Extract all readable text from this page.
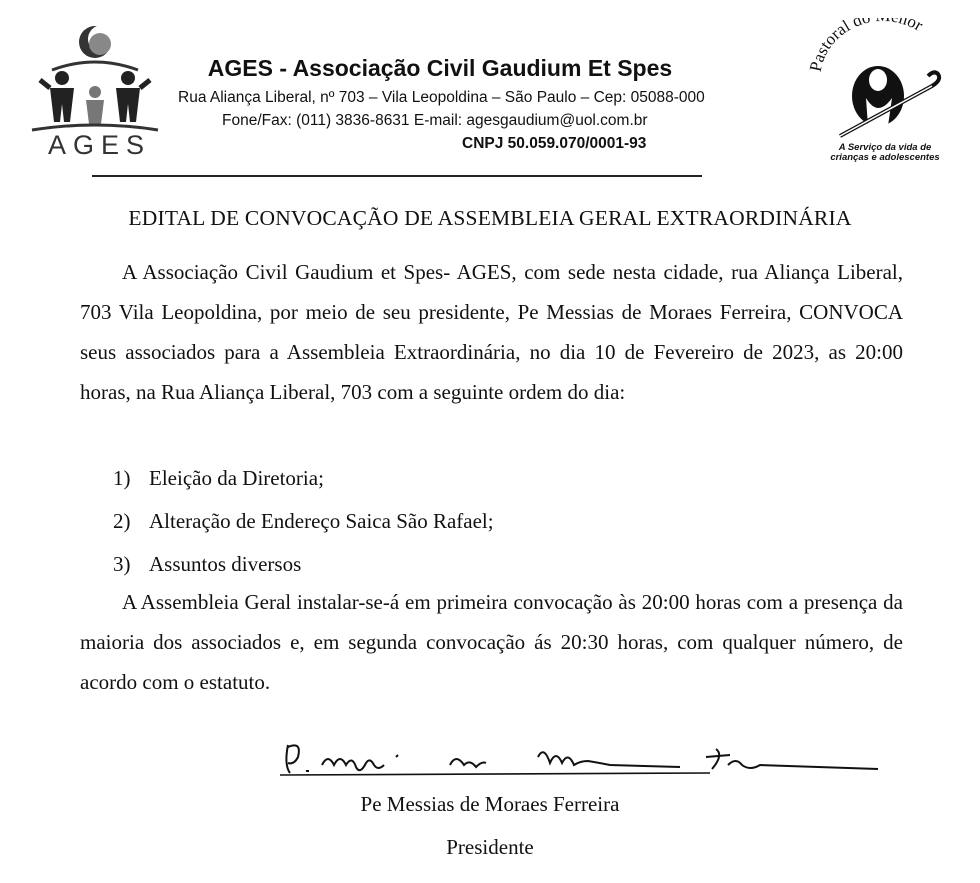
AGES
AGES - Associação Civil Gaudium Et Spes
Rua Aliança Liberal, nº 703 – Vila Leopoldina – São Paulo – Cep: 05088-000
Fone/Fax: (011) 3836-8631 E-mail: agesgaudium@uol.com.br
CNPJ 50.059.070/0001-93
astoral d nor
A Serviço da vida de
crianças e adolescentes
EDITAL DE CONVOCAÇÃO DE ASSEMBLEIA GERAL EXTRAORDINÁRIA
A Associação Civil Gaudium et Spes- AGES, com sede nesta cidade, rua Aliança Liberal, 703 Vila Leopoldina, por meio de seu presidente, Pe Messias de Moraes Ferreira, CONVOCA seus associados para a Assembleia Extraordinária, no dia 10 de Fevereiro de 2023, as 20:00 horas, na Rua Aliança Liberal, 703 com a seguinte ordem do dia:
1) Eleição da Diretoria;
2) Alteração de Endereço Saica São Rafael;
3) Assuntos diversos
A Assembleia Geral instalar-se-á em primeira convocação às 20:00 horas com a presença da maioria dos associados e, em segunda convocação ás 20:30 horas, com qualquer número, de acordo com o estatuto.
Pe Messias de Moraes Ferreira
Presidente
